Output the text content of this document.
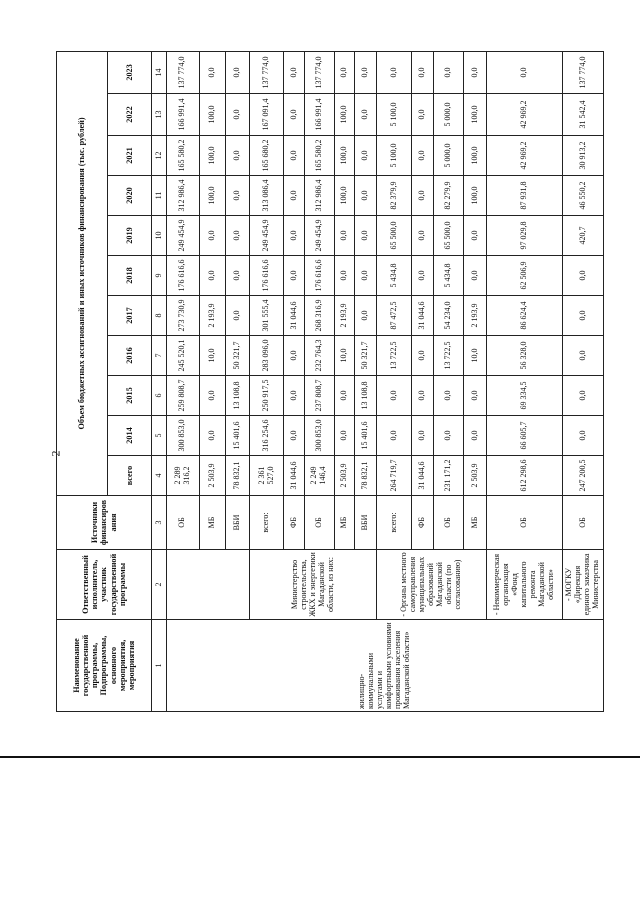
2
Наименование государственной программы, Подпрограммы, основного мероприятия, мероприятия	Ответственный исполнитель, участник государственной программы	Источники финансирования	Объем бюджетных ассигнований и иных источников финансирования (тыс. рублей)										
			всего	2014	2015	2016	2017	2018	2019	2020	2021	2022	2023
1	2	3	4	5	6	7	8	9	10	11	12	13	14
жилищно-коммунальными услугами и комфортными условиями проживания населения Магаданской области»		ОБ	2 289 316,2	300 853,0	259 808,7	245 520,1	273 730,9	176 616,6	249 454,9	312 986,4	165 580,2	166 991,4	137 774,0
		МБ	2 503,9	0,0	0,0	10,0	2 193,9	0,0	0,0	100,0	100,0	100,0	0,0
		ВБИ	78 832,1	15 401,6	13 108,8	50 321,7	0,0	0,0	0,0	0,0	0,0	0,0	0,0
	Министерство строительства, ЖКХ и энергетики Магаданской области, из них:	всего:	2 361 527,0	316 254,6	250 917,5	283 096,0	301 555,4	176 616,6	249 454,9	313 086,4	165 680,2	167 091,4	137 774,0
		ФБ	31 044,6	0,0	0,0	0,0	31 044,6	0,0	0,0	0,0	0,0	0,0	0,0
		ОБ	2 249 146,4	300 853,0	237 808,7	232 764,3	268 316,9	176 616,6	249 454,9	312 986,4	165 580,2	166 991,4	137 774,0
		МБ	2 503,9	0,0	0,0	10,0	2 193,9	0,0	0,0	100,0	100,0	100,0	0,0
		ВБИ	78 832,1	15 401,6	13 108,8	50 321,7	0,0	0,0	0,0	0,0	0,0	0,0	0,0
	- Органы местного самоуправления муниципальных образований Магаданской области (по согласованию)	всего:	264 719,7	0,0	0,0	13 722,5	87 472,5	5 434,8	65 500,0	82 379,9	5 100,0	5 100,0	0,0
		ФБ	31 044,6	0,0	0,0	0,0	31 044,6	0,0	0,0	0,0	0,0	0,0	0,0
		ОБ	231 171,2	0,0	0,0	13 722,5	54 234,0	5 434,8	65 500,0	82 279,9	5 000,0	5 000,0	0,0
		МБ	2 503,9	0,0	0,0	10,0	2 193,9	0,0	0,0	100,0	100,0	100,0	0,0
	- Некоммерческая организация «Фонд капитального ремонта Магаданской области»	ОБ	612 298,6	66 605,7	69 334,5	56 328,0	86 624,4	62 506,9	97 029,8	87 931,8	42 969,2	42 969,2	0,0
	- МОГКУ «Дирекция единого заказчика Министерства	ОБ	247 200,5	0,0	0,0	0,0	0,0	0,0	420,7	46 550,2	30 913,2	31 542,4	137 774,0
